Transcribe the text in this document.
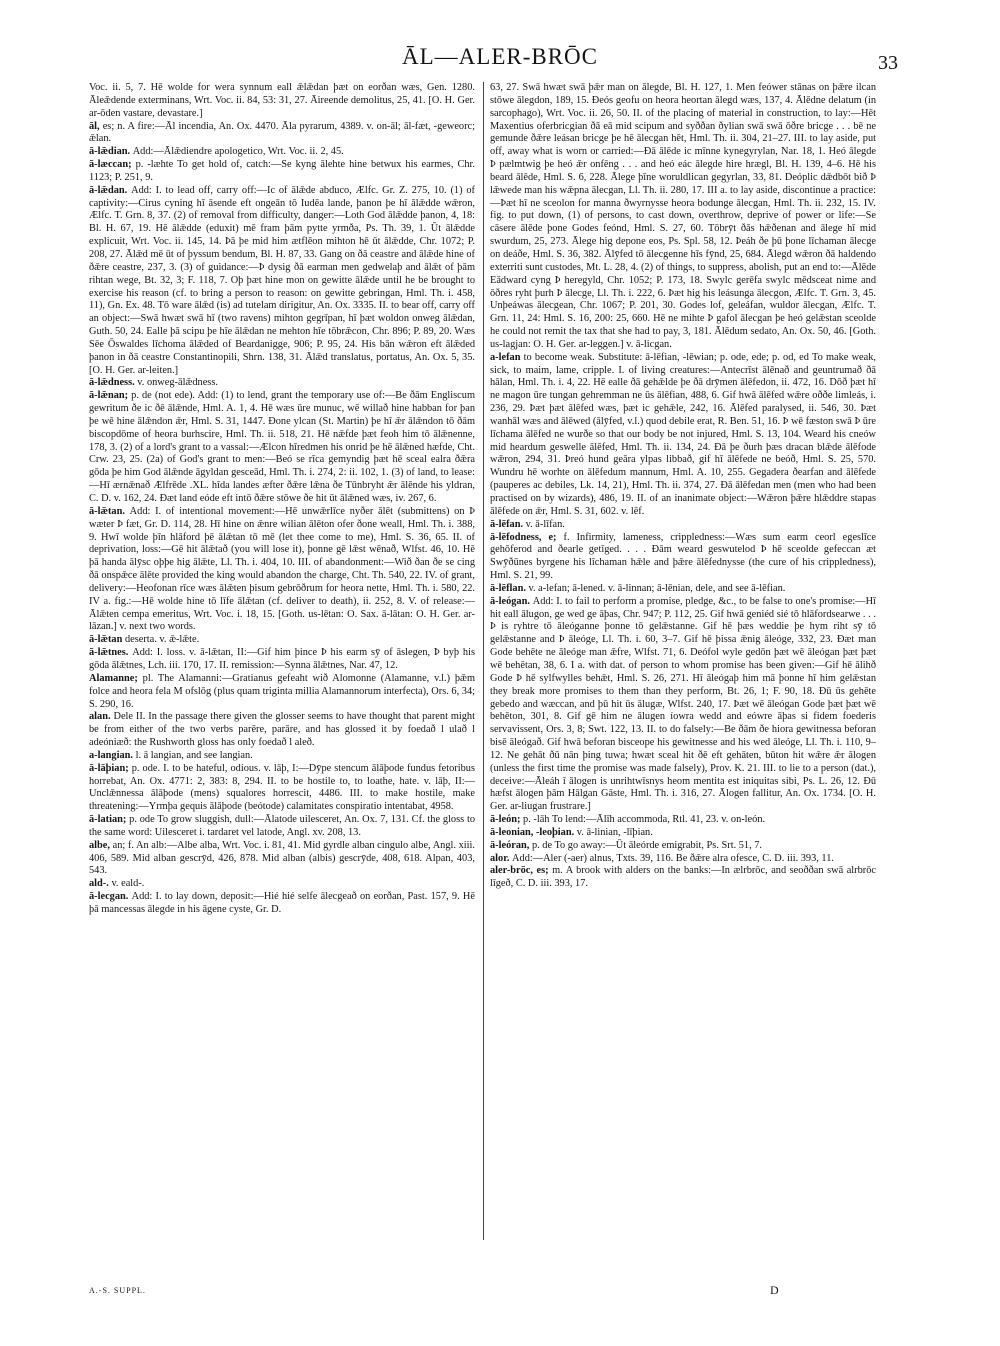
ĀL—ALER-BRŌC	33

Voc. ii. 5, 7. Hē wolde for wera synnum eall ǣlǣdan þæt on eorðan wæs, Gen. 1280. Āleǣdende exterminans, Wrt. Voc. ii. 84, 53: 31, 27. Āireende demolitus, 25, 41. [O. H. Ger. ar-ōden vastare, devastare.]

āl, es; n. A fire:—Āl incendia, An. Ox. 4470. Āla pyrarum, 4389. v. on-āl; āl-fæt, -geweorc; ǣlan.

ā-lǣdian. Add:—Ālǣdiendre apologetico, Wrt. Voc. ii. 2, 45.

ā-læccan; p. -læhte To get hold of, catch:—Se kyng ālehte hine betwux his earmes, Chr. 1123; P. 251, 9.

ā-lǣdan. Add: I. to lead off, carry off:—Ic of ālǣde abduco, Ælfc. Gr. Z. 275, 10. (1) of captivity:—Cirus cyning hī āsende eft ongeān tō Iudēa lande, þanon þe hī ālǣdde wǣron, Ælfc. T. Grn. 8, 37. (2) of removal from difficulty, danger:—Loth God ālǣdde þanon, 4, 18: Bl. H. 67, 19. Hē ālǣdde (eduxit) mē fram þām pytte yrmða, Ps. Th. 39, 1. Ūt ālǣdde explicuit, Wrt. Voc. ii. 145, 14. Þā þe mid him ætflēon mihton hē ūt ālǣdde, Chr. 1072; P. 208, 27. Ālǣd mē ūt of þyssum bendum, Bl. H. 87, 33. Gang on ðā ceastre and ālǣde hine of ðǣre ceastre, 237, 3. (3) of guidance:—Þ dysig ðā earman men gedwelaþ and ālǣt of þām rihtan wege, Bt. 32, 3; F. 118, 7. Oþ þæt hine mon on gewitte ālǣde until he be brought to exercise his reason (cf. to bring a person to reason: on gewitte gebringan, Hml. Th. i. 458, 11), Gn. Ex. 48. Tō ware ālǣd (is) ad tutelam dirigitur, An. Ox. 3335. II. to bear off, carry off an object:—Swā hwæt swā hī (two ravens) mihton gegrīpan, hī þæt woldon onweg ālǣdan, Guth. 50, 24. Ealle þā scipu þe hīe ālǣdan ne mehton hīe tōbrǣcon, Chr. 896; P. 89, 20. Wæs Sēe Ōswaldes līchoma ālǣded of Beardanigge, 906; P. 95, 24. His bān wǣron eft ālǣded þanon in ðā ceastre Constantinopili, Shrn. 138, 31. Ālǣd translatus, portatus, An. Ox. 5, 35. [O. H. Ger. ar-leiten.]

ā-lǣdness. v. onweg-ālǣdness.

ā-lǣnan; p. de (not ede). Add: (1) to lend, grant the temporary use of:—Be ðām Engliscum gewritum ðe ic ðē ālǣnde, Hml. A. 1, 4. Hē wæs ūre munuc, wē willað hine habban for þan þe wē hine ālǣndon ǣr, Hml. S. 31, 1447. Ðone ylcan (St. Martin) þe hī ǣr ālǣndon tō ðām biscopdōme of heora burhscire, Hml. Th. ii. 518, 21. Hē nǣfde þæt feoh him tō ālǣnenne, 178, 3. (2) of a lord's grant to a vassal:—Ælcon hīredmen his onrid þe hē ālǣned hæfde, Cht. Crw. 23, 25. (2a) of God's grant to men:—Beó se rīca gemyndig þæt hē sceal ealra ðǣra gōda þe him God ālǣnde āgyldan gesceād, Hml. Th. i. 274, 2: ii. 102, 1. (3) of land, to lease:—Hī ærnǣnað Ælfrēde .XL. hīda landes æfter ðǣre lǣna ðe Tūnbryht ǣr ālēnde his yldran, C. D. v. 162, 24. Ðæt land eóde eft intō ðǣre stōwe ðe hit ūt ālǣned wæs, iv. 267, 6.

ā-lǣtan. Add: I. of intentional movement:—Hē unwǣrlīce nyðer ālēt (submittens) on Þ wæter Þ fæt, Gr. D. 114, 28. Hī hine on ǣnre wilian ālēton ofer ðone weall, Hml. Th. i. 388, 9. Hwī wolde þīn hlāford þē ālǣtan tō mē (let thee come to me), Hml. S. 36, 65. II. of deprivation, loss:—Gē hit ālǣtað (you will lose it), þonne gē lǣst wēnað, Wlfst. 46, 10. Hē þā handa ālȳsc oþþe hig ālǣte, Ll. Th. i. 404, 10. III. of abandonment:—Wið ðan ðe se cing ðā onspǣce ālēte provided the king would abandon the charge, Cht. Th. 540, 22. IV. of grant, delivery:—Heofonan rīce wæs ālǣten þisum gebrōðrum for heora nette, Hml. Th. i. 580, 22. IV a. fig.:—Hē wolde hine tō līfe ālǣtan (cf. deliver to death), ii. 252, 8. V. of release:—Ālǣten cempa emeritus, Wrt. Voc. i. 18, 15. [Goth. us-lētan: O. Sax. ā-lātan: O. H. Ger. ar-lāzan.] v. next two words.

ā-lǣtan deserta. v. ǣ-lǣte.

ā-lǣtnes. Add: I. loss. v. ā-lǣtan, II:—Gif him þince Þ his earm sȳ of āslegen, Þ byþ his gōda ālǣtnes, Lch. iii. 170, 17. II. remission:—Synna ālǣtnes, Nar. 47, 12.

Alamanne; pl. The Alamanni:—Gratianus gefeaht wið Alomonne (Alamanne, v.l.) þǣm folce and heora fela M ofslōg (plus quam triginta millia Alamannorum interfecta), Ors. 6, 34; S. 290, 16.

alan. Dele II. In the passage there given the glosser seems to have thought that parent might be from either of the two verbs parēre, parāre, and has glossed it by foedað l ulað l adeóniæð: the Rushworth gloss has only foedað l aleð.

a-langian. l. ā langian, and see langian.

ā-lāþian; p. ode. I. to be hateful, odious. v. lāþ, I:—Dȳpe stencum ālāþode fundus fetoribus horrebat, An. Ox. 4771: 2, 383: 8, 294. II. to be hostile to, to loathe, hate. v. lāþ, II:—Unclǣnnessa ālāþode (mens) squalores horrescit, 4486. III. to make hostile, make threatening:—Yrmþa gequis ālāþode (beótode) calamitates conspiratio intentabat, 4958.

ā-latian; p. ode To grow sluggish, dull:—Ālatode uilesceret, An. Ox. 7, 131. Cf. the gloss to the same word: Uilesceret i. tardaret vel latode, Angl. xv. 208, 13.

albe, an; f. An alb:—Albe alba, Wrt. Voc. i. 81, 41. Mid gyrdle alban cingulo albe, Angl. xiii. 406, 589. Mid alban gescrȳd, 426, 878. Mid alban (albis) gescrȳde, 408, 618. Alpan, 403, 543.

ald-. v. eald-.

ā-lecgan. Add: I. to lay down, deposit:—Hié hié selfe ālecgeað on eorðan, Past. 157, 9. Hē þā mancessas ālegde in his āgene cyste, Gr. D.

63, 27. Swā hwæt swā þǣr man on ālegde, Bl. H. 127, 1. Men feówer stānas on þǣre ilcan stōwe ālegdon, 189, 15. Ðeós geofu on heora heortan ālegd wæs, 137, 4. Ālēdne delatum (in sarcophago), Wrt. Voc. ii. 26, 50. II. of the placing of material in construction, to lay:—Hēt Maxentius oferbricgian ðā eā mid scipum and syððan ðylian swā swā ōðre bricge . . . bē ne gemunde ðǣre leásan bricge þe hē ālecgan hēt, Hml. Th. ii. 304, 21–27. III. to lay aside, put off, away what is worn or carried:—Ðā ālēde ic mīnne kynegyrylan, Nar. 18, 1. Heó ālegde Þ pælmtwig þe heó ǣr onfēng . . . and heó eác ālegde hire hrægl, Bl. H. 139, 4–6. Hē his beard ālēde, Hml. S. 6, 228. Ālege þīne woruldlican gegyrlan, 33, 81. Deóplic dǣdbōt bið Þ lǣwede man his wǣpna ālecgan, Ll. Th. ii. 280, 17. III a. to lay aside, discontinue a practice:—Þæt hī ne sceolon for manna ðwyrnysse heora bodunge ālecgan, Hml. Th. ii. 232, 15. IV. fig. to put down, (1) of persons, to cast down, overthrow, deprive of power or life:—Se cāsere ālēde þone Godes feónd, Hml. S. 27, 60. Tōbrȳt ðās hǣðenan and ālege hī mid swurdum, 25, 273. Ālege hig depone eos, Ps. Spl. 58, 12. Þeáh ðe þū þone līchaman ālecge on deáðe, Hml. S. 36, 382. Ālȳfed tō ālecgenne hīs fȳnd, 25, 684. Ālegd wǣron ðā haldendo exterriti sunt custodes, Mt. L. 28, 4. (2) of things, to suppress, abolish, put an end to:—Ālēde Eādward cyng Þ heregyld, Chr. 1052; P. 173, 18. Swylc gerēfa swylc mēdsceat nime and ōðres ryht þurh Þ ālecge, Ll. Th. i. 222, 6. Þæt hig his leásunga ālecgon, Ælfc. T. Grn. 3, 45. Unþeáwas ālecgean, Chr. 1067; P. 201, 30. Godes lof, geleáfan, wuldor ālecgan, Ælfc. T. Grn. 11, 24: Hml. S. 16, 200: 25, 660. Hē ne mihte Þ gafol ālecgan þe heó gelǣstan sceolde he could not remit the tax that she had to pay, 3, 181. Ālēdum sedato, An. Ox. 50, 46. [Goth. us-lagjan: O. H. Ger. ar-leggen.] v. ā-licgan.

a-lefan to become weak. Substitute: ā-lēfian, -lēwian; p. ode, ede; p. od, ed To make weak, sick, to maim, lame, cripple. I. of living creatures:—Antecrīst ālēnað and geuntrumað ðā hālan, Hml. Th. i. 4, 22. Hē ealle ðā gehǣlde þe ðā drȳmen ālēfedon, ii. 472, 16. Dōð þæt hī ne magon ūre tungan gehremman ne ūs ālēfian, 488, 6. Gif hwā ālēfed wǣre oððe limleás, i. 236, 29. Þæt þæt ālēfed wæs, þæt ic gehǣle, 242, 16. Ālēfed paralysed, ii. 546, 30. Þæt wanhāl wæs and ālēwed (ālȳfed, v.l.) quod debile erat, R. Ben. 51, 16. Þ wē fæston swā Þ ūre līchama ālēfed ne wurðe so that our body be not injured, Hml. S. 13, 104. Weard his cneów mid heardum geswelle ālēfed, Hml. Th. ii. 134, 24. Ðā þe ðurh þæs dracan blǣde ālēfode wǣron, 294, 31. Þreó hund geāra ylpas libbað, gif hī ālēfede ne beóð, Hml. S. 25, 570. Wundru hē worhte on ālēfedum mannum, Hml. A. 10, 255. Gegadera ðearfan and ālēfede (pauperes ac debiles, Lk. 14, 21), Hml. Th. ii. 374, 27. Ðā ālēfedan men (men who had been practised on by wizards), 486, 19. II. of an inanimate object:—Wǣron þǣre hlǣddre stapas ālēfede on ǣr, Hml. S. 31, 602. v. lēf.

ā-lēfan. v. ā-līfan.

ā-lēfodness, e; f. Infirmity, lameness, crippledness:—Wæs sum earm ceorl egeslīce gehōferod and ðearle getīged. . . . Ðām weard geswutelod Þ hē sceolde gefeccan æt Swȳðūnes byrgene his līchaman hǣle and þǣre ālēfednysse (the cure of his crippledness), Hml. S. 21, 99.

ā-lēflan. v. a-lefan; ā-lened. v. ā-linnan; ā-lēnian, dele, and see ā-lēfian.

ā-leógan. Add: I. to fail to perform a promise, pledge, &c., to be false to one's promise:—Hī hit eall ālugon, ge wed ge āþas, Chr. 947; P. 112, 25. Gif hwā geniéd sié tō hlāfordsearwe . . . Þ is ryhtre tō āleóganne þonne tō gelǣstanne. Gif hē þæs weddie þe hym riht sȳ tō gelǣstanne and Þ āleóge, Ll. Th. i. 60, 3–7. Gif hē þissa ǣnig āleóge, 332, 23. Ðæt man Gode behēte ne āleóge man ǣfre, Wlfst. 71, 6. Deófol wyle gedōn þæt wē āleógan þæt þæt wē behētan, 38, 6. I a. with dat. of person to whom promise has been given:—Gif hē ālihð Gode Þ hē sylfwylles behǣt, Hml. S. 26, 271. Hī āleógaþ him mā þonne hī him gelǣstan they break more promises to them than they perform, Bt. 26, 1; F. 90, 18. Ðū ūs gehēte gebedo and wæccan, and þū hit ūs ālugæ, Wlfst. 240, 17. Þæt wē āleógan Gode þæt þæt wē behēton, 301, 8. Gif gē him ne ālugen íowra wedd and eówre āþas si fidem foederis servavissent, Ors. 3, 8; Swt. 122, 13. II. to do falsely:—Be ðām ðe hiora gewitnessa beforan bisē āleógað. Gif hwā beforan bisceope his gewitnesse and his wed āleóge, Ll. Th. i. 110, 9–12. Ne gehāt ðū nān þing tuwa; hwæt sceal hit ðē eft gehāten, būton hit wǣre ǣr ālogen (unless the first time the promise was made falsely), Prov. K. 21. III. to lie to a person (dat.), deceive:—Āleáh ī ālogen is unrihtwīsnys heom mentita est iniquitas sibi, Ps. L. 26, 12. Ðū hæfst ālogen þām Hālgan Gāste, Hml. Th. i. 316, 27. Ālogen fallitur, An. Ox. 1734. [O. H. Ger. ar-liugan frustrare.]

ā-león; p. -lāh To lend:—Ālīh accommoda, Rtl. 41, 23. v. on-león.

ā-leonian, -leoþian. v. ā-linian, -līþian.

ā-leóran, p. de To go away:—Ūt āleórde emigrabit, Ps. Srt. 51, 7.

alor. Add:—Aler (-aer) alnus, Txts. 39, 116. Be ðǣre alra ofesce, C. D. iii. 393, 11.

aler-brōc, es; m. A brook with alders on the banks:—In ælrbrōc, and seoððan swā alrbrōc līgeð, C. D. iii. 393, 17.

A.-S. SUPPL.	D
